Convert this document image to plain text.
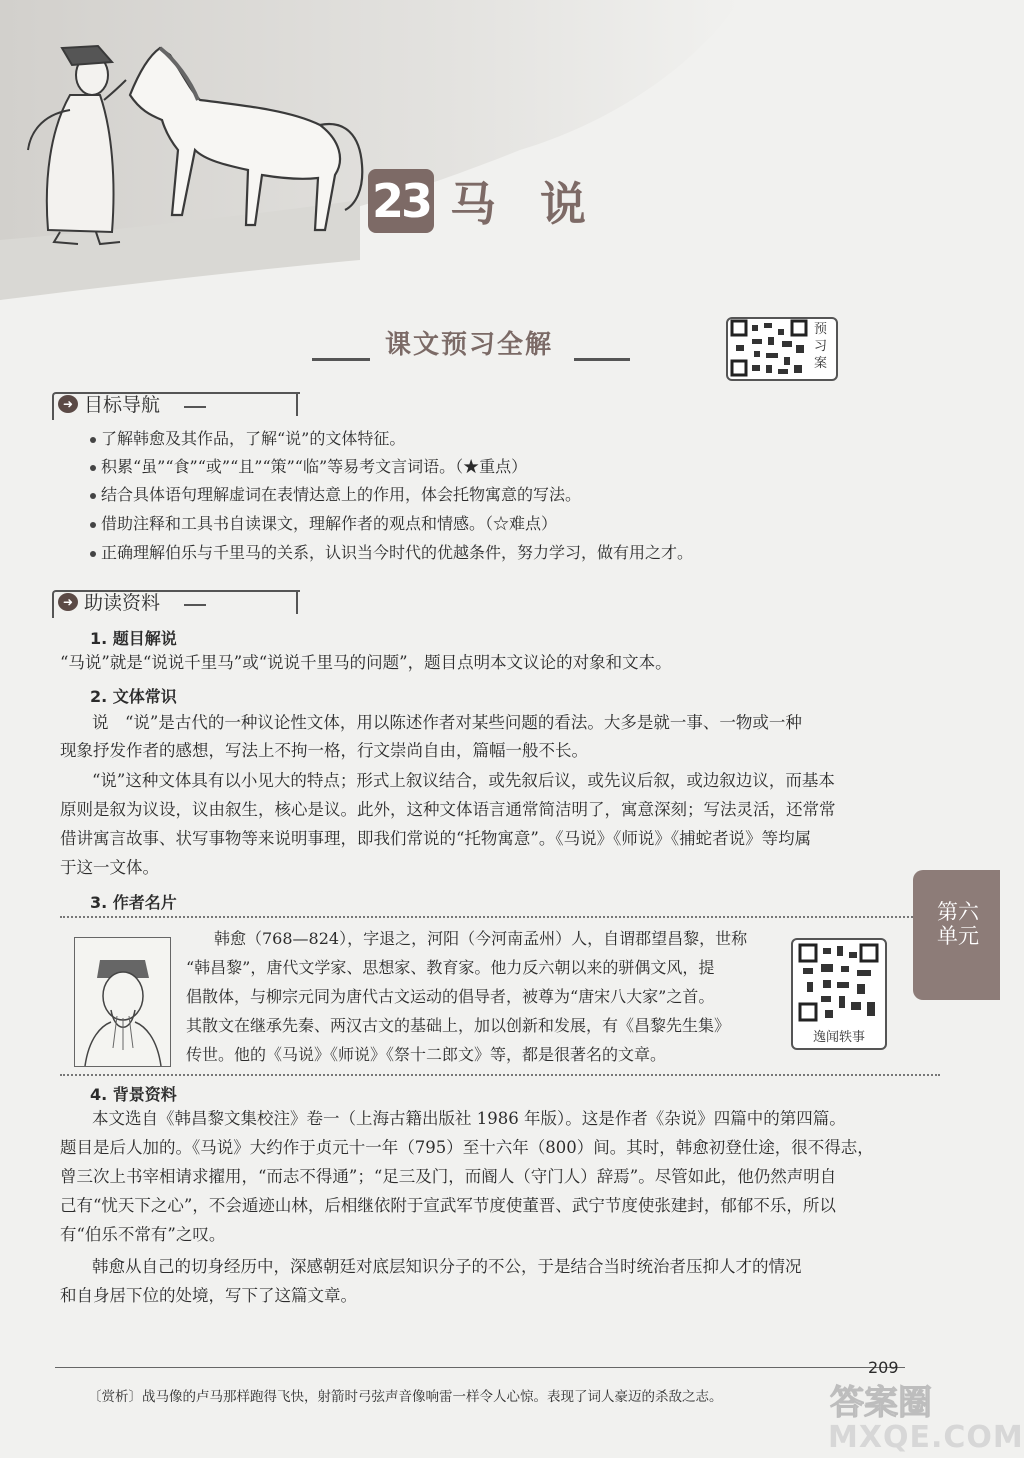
23 马说
课文预习全解
预习案
➜ 目标导航
了解韩愈及其作品，了解“说”的文体特征。
积累“虽”“食”“或”“且”“策”“临”等易考文言词语。（★重点）
结合具体语句理解虚词在表情达意上的作用，体会托物寓意的写法。
借助注释和工具书自读课文，理解作者的观点和情感。（☆难点）
正确理解伯乐与千里马的关系，认识当今时代的优越条件，努力学习，做有用之才。
➜ 助读资料
1. 题目解说
“马说”就是“说说千里马”或“说说千里马的问题”，题目点明本文议论的对象和文本。
2. 文体常识
说　“说”是古代的一种议论性文体，用以陈述作者对某些问题的看法。大多是就一事、一物或一种
现象抒发作者的感想，写法上不拘一格，行文崇尚自由，篇幅一般不长。
“说”这种文体具有以小见大的特点；形式上叙议结合，或先叙后议，或先议后叙，或边叙边议，而基本
原则是叙为议设，议由叙生，核心是议。此外，这种文体语言通常简洁明了，寓意深刻；写法灵活，还常常
借讲寓言故事、状写事物等来说明事理，即我们常说的“托物寓意”。《马说》《师说》《捕蛇者说》等均属
于这一文体。
3. 作者名片
韩愈（768—824），字退之，河阳（今河南孟州）人，自谓郡望昌黎，世称
“韩昌黎”，唐代文学家、思想家、教育家。他力反六朝以来的骈偶文风，提
倡散体，与柳宗元同为唐代古文运动的倡导者，被尊为“唐宋八大家”之首。
其散文在继承先秦、两汉古文的基础上，加以创新和发展，有《昌黎先生集》
传世。他的《马说》《师说》《祭十二郎文》等，都是很著名的文章。
逸闻轶事
4. 背景资料
本文选自《韩昌黎文集校注》卷一（上海古籍出版社 1986 年版）。这是作者《杂说》四篇中的第四篇。
题目是后人加的。《马说》大约作于贞元十一年（795）至十六年（800）间。其时，韩愈初登仕途，很不得志，
曾三次上书宰相请求擢用，“而志不得通”；“足三及门，而阍人（守门人）辞焉”。尽管如此，他仍然声明自
己有“忧天下之心”，不会遁迹山林，后相继依附于宣武军节度使董晋、武宁节度使张建封，郁郁不乐，所以
有“伯乐不常有”之叹。
韩愈从自己的切身经历中，深感朝廷对底层知识分子的不公，于是结合当时统治者压抑人才的情况
和自身居下位的处境，写下了这篇文章。
第六单元
〔赏析〕战马像的卢马那样跑得飞快，射箭时弓弦声音像响雷一样令人心惊。表现了词人豪迈的杀敌之志。
209
答案圈
MXQE.COM
